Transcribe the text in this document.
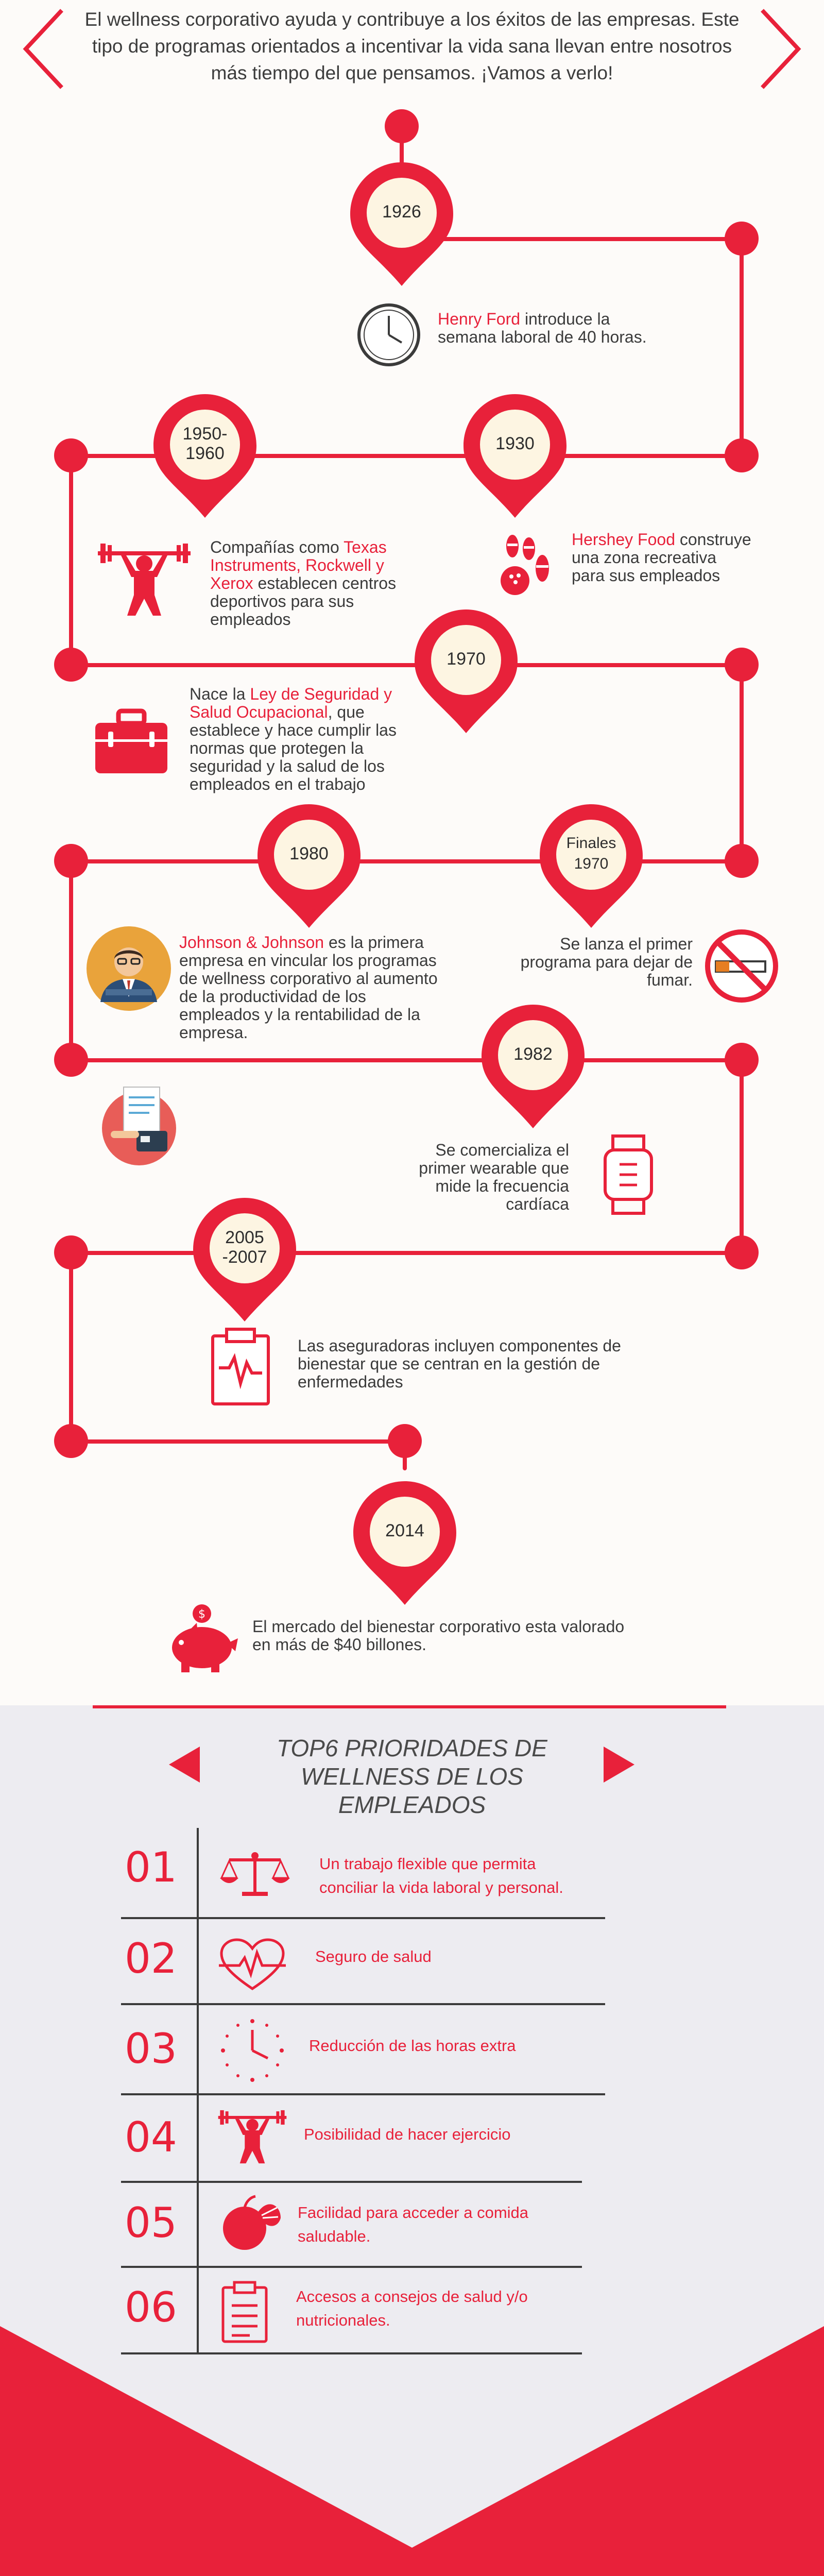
El wellness corporativo ayuda y contribuye a los éxitos de las empresas. Este
tipo de programas orientados a incentivar la vida sana llevan entre nosotros
más tiempo del que pensamos. ¡Vamos a verlo!
1926
1930
1950-
1960
1970
1980
Finales
1970
1982
2005
-2007
2014
Henry Ford introduce la
semana laboral de 40 horas.
Hershey Food construye
una zona recreativa
para sus empleados
Compañías como Texas
Instruments, Rockwell y
Xerox establecen centros
deportivos para sus
empleados
Nace la Ley de Seguridad y
Salud Ocupacional, que
establece y hace cumplir las
normas que protegen la
seguridad y la salud de los
empleados en el trabajo
Johnson & Johnson es la primera
empresa en vincular los programas
de wellness corporativo al aumento
de la productividad de los
empleados y la rentabilidad de la
empresa.
Se lanza el primer
programa para dejar de
fumar.
Se comercializa el
primer wearable que
mide la frecuencia
cardíaca
Las aseguradoras incluyen componentes de
bienestar que se centran en la gestión de
enfermedades
$
El mercado del bienestar corporativo esta valorado
en más de $40 billones.
TOP6 PRIORIDADES DE
WELLNESS DE LOS
EMPLEADOS
01	Un trabajo flexible que permita
conciliar la vida laboral y personal.
02	Seguro de salud
03	Reducción de las horas extra
04	Posibilidad de hacer ejercicio
05	Facilidad para acceder a comida
saludable.
06	Accesos a consejos de salud y/o
nutricionales.
